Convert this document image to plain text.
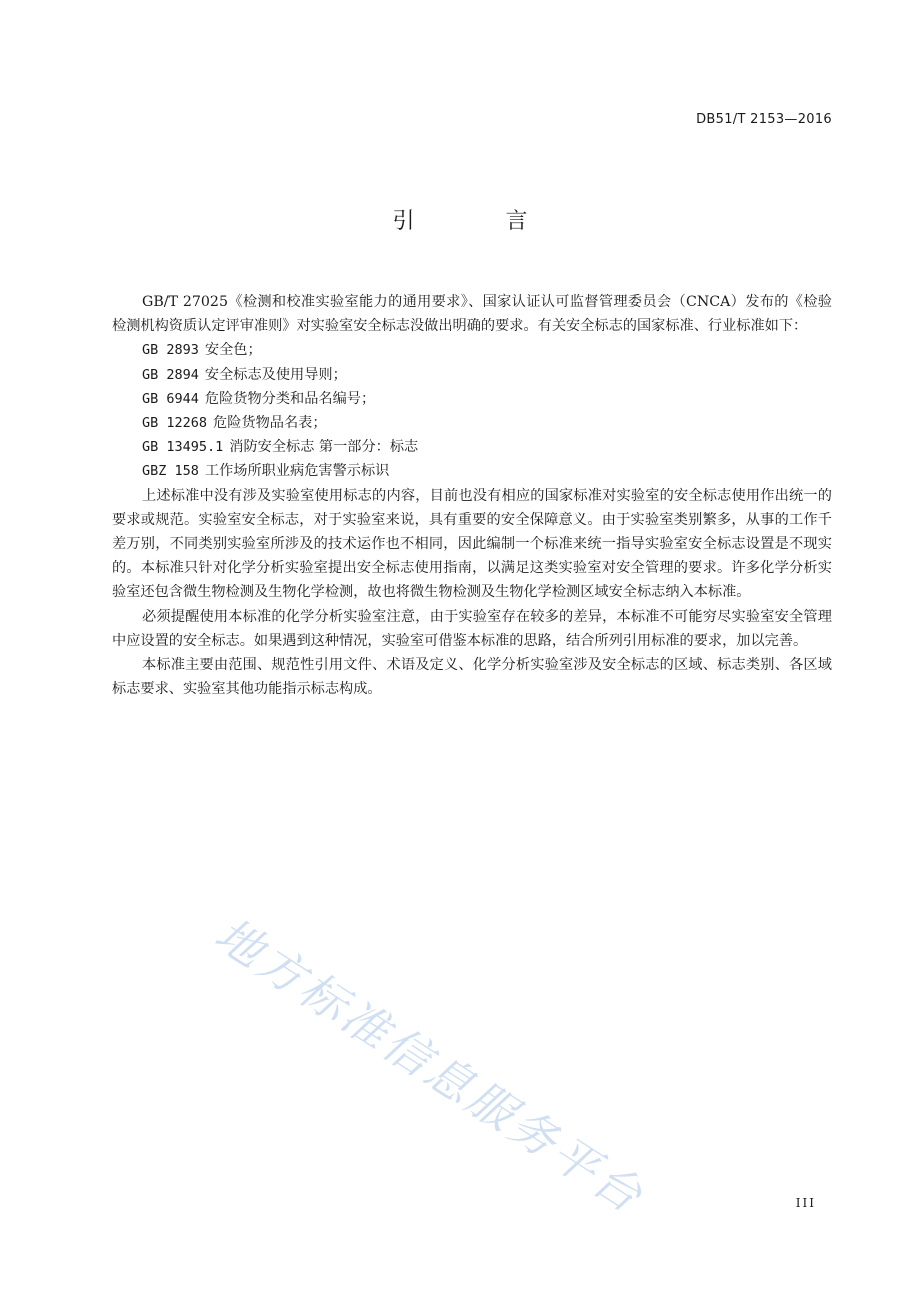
DB51/T 2153—2016
引 言

GB/T 27025《检测和校准实验室能力的通用要求》、国家认证认可监督管理委员会（CNCA）发布的《检验检测机构资质认定评审准则》对实验室安全标志没做出明确的要求。有关安全标志的国家标准、行业标准如下：

GB 2893 安全色；

GB 2894 安全标志及使用导则；

GB 6944 危险货物分类和品名编号；

GB 12268 危险货物品名表；

GB 13495.1 消防安全标志 第一部分：标志

GBZ 158 工作场所职业病危害警示标识

上述标准中没有涉及实验室使用标志的内容，目前也没有相应的国家标准对实验室的安全标志使用作出统一的要求或规范。实验室安全标志，对于实验室来说，具有重要的安全保障意义。由于实验室类别繁多，从事的工作千差万别，不同类别实验室所涉及的技术运作也不相同，因此编制一个标准来统一指导实验室安全标志设置是不现实的。本标准只针对化学分析实验室提出安全标志使用指南，以满足这类实验室对安全管理的要求。许多化学分析实验室还包含微生物检测及生物化学检测，故也将微生物检测及生物化学检测区域安全标志纳入本标准。

必须提醒使用本标准的化学分析实验室注意，由于实验室存在较多的差异，本标准不可能穷尽实验室安全管理中应设置的安全标志。如果遇到这种情况，实验室可借鉴本标准的思路，结合所列引用标准的要求，加以完善。

本标准主要由范围、规范性引用文件、术语及定义、化学分析实验室涉及安全标志的区域、标志类别、各区域标志要求、实验室其他功能指示标志构成。

地方标准信息服务平台	III
